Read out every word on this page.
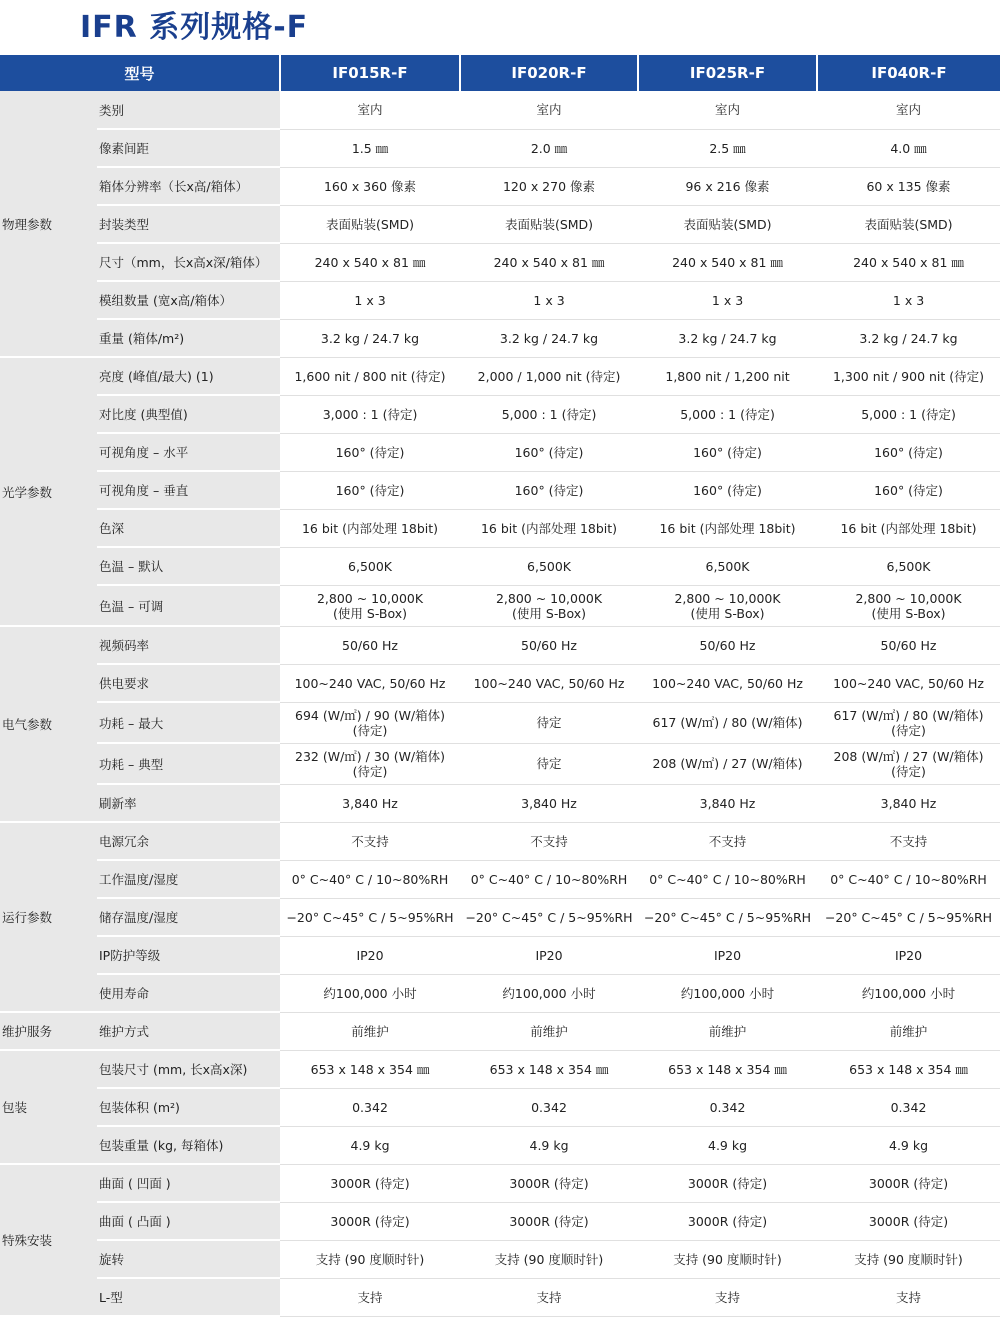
IFR 系列规格-F
型号		IF015R-F	IF020R-F	IF025R-F	IF040R-F
物理参数	类别	室内	室内	室内	室内

	像素间距	1.5 ㎜	2.0 ㎜	2.5 ㎜	4.0 ㎜

	箱体分辨率（长x高/箱体）	160 x 360 像素	120 x 270 像素	96 x 216 像素	60 x 135 像素

	封装类型	表面贴装(SMD)	表面贴装(SMD)	表面贴装(SMD)	表面贴装(SMD)

	尺寸（mm，长x高x深/箱体）	240 x 540 x 81 ㎜	240 x 540 x 81 ㎜	240 x 540 x 81 ㎜	240 x 540 x 81 ㎜

	模组数量 (宽x高/箱体）	1 x 3	1 x 3	1 x 3	1 x 3

	重量 (箱体/m²)	3.2 kg / 24.7 kg	3.2 kg / 24.7 kg	3.2 kg / 24.7 kg	3.2 kg / 24.7 kg

光学参数	亮度 (峰值/最大) (1)	1,600 nit / 800 nit (待定)	2,000 / 1,000 nit (待定)	1,800 nit / 1,200 nit	1,300 nit / 900 nit (待定)

	对比度 (典型值)	3,000 : 1 (待定)	5,000 : 1 (待定)	5,000 : 1 (待定)	5,000 : 1 (待定)

	可视角度 – 水平	160° (待定)	160° (待定)	160° (待定)	160° (待定)

	可视角度 – 垂直	160° (待定)	160° (待定)	160° (待定)	160° (待定)

	色深	16 bit (内部处理 18bit)	16 bit (内部处理 18bit)	16 bit (内部处理 18bit)	16 bit (内部处理 18bit)

	色温 – 默认	6,500K	6,500K	6,500K	6,500K

	色温 – 可调	2,800 ~ 10,000K
(使用 S-Box)	2,800 ~ 10,000K
(使用 S-Box)	2,800 ~ 10,000K
(使用 S-Box)	2,800 ~ 10,000K
(使用 S-Box)

电气参数	视频码率	50/60 Hz	50/60 Hz	50/60 Hz	50/60 Hz

	供电要求	100~240 VAC, 50/60 Hz	100~240 VAC, 50/60 Hz	100~240 VAC, 50/60 Hz	100~240 VAC, 50/60 Hz

	功耗 – 最大	694 (W/㎡) / 90 (W/箱体)
(待定)	待定	617 (W/㎡) / 80 (W/箱体)	617 (W/㎡) / 80 (W/箱体)
(待定)

	功耗 – 典型	232 (W/㎡) / 30 (W/箱体)
(待定)	待定	208 (W/㎡) / 27 (W/箱体)	208 (W/㎡) / 27 (W/箱体)
(待定)

	刷新率	3,840 Hz	3,840 Hz	3,840 Hz	3,840 Hz

运行参数	电源冗余	不支持	不支持	不支持	不支持

	工作温度/湿度	0° C~40° C / 10~80%RH	0° C~40° C / 10~80%RH	0° C~40° C / 10~80%RH	0° C~40° C / 10~80%RH

	储存温度/湿度	−20° C~45° C / 5~95%RH	−20° C~45° C / 5~95%RH	−20° C~45° C / 5~95%RH	−20° C~45° C / 5~95%RH

	IP防护等级	IP20	IP20	IP20	IP20

	使用寿命	约100,000 小时	约100,000 小时	约100,000 小时	约100,000 小时

维护服务	维护方式	前维护	前维护	前维护	前维护

包装	包装尺寸 (mm, 长x高x深)	653 x 148 x 354 ㎜	653 x 148 x 354 ㎜	653 x 148 x 354 ㎜	653 x 148 x 354 ㎜

	包装体积 (m²)	0.342	0.342	0.342	0.342

	包装重量 (kg, 每箱体)	4.9 kg	4.9 kg	4.9 kg	4.9 kg

特殊安装	曲面 ( 凹面 )	3000R (待定)	3000R (待定)	3000R (待定)	3000R (待定)

	曲面 ( 凸面 )	3000R (待定)	3000R (待定)	3000R (待定)	3000R (待定)

	旋转	支持 (90 度顺时针)	支持 (90 度顺时针)	支持 (90 度顺时针)	支持 (90 度顺时针)

	L-型	支持	支持	支持	支持
